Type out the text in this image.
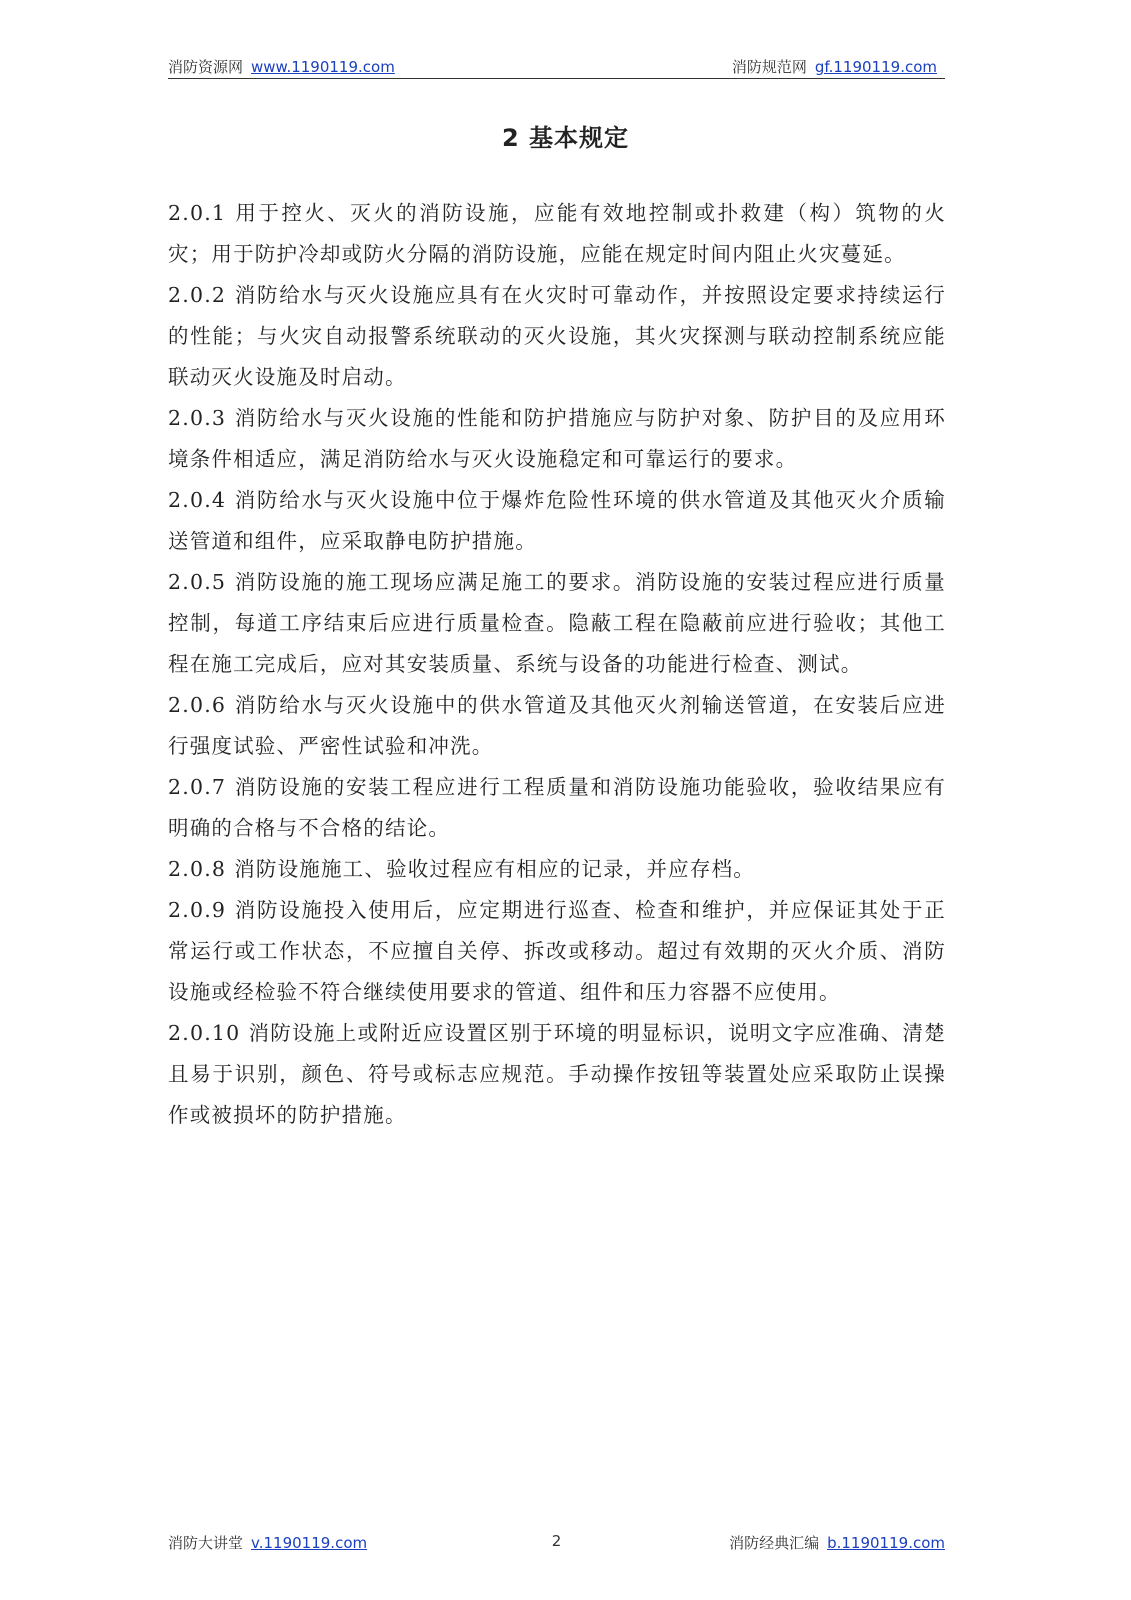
消防资源网 www.1190119.com	消防规范网 gf.1190119.com
2 基本规定

2.0.1 用于控火、灭火的消防设施，应能有效地控制或扑救建（构）筑物的火灾；用于防护冷却或防火分隔的消防设施，应能在规定时间内阻止火灾蔓延。

2.0.2 消防给水与灭火设施应具有在火灾时可靠动作，并按照设定要求持续运行的性能；与火灾自动报警系统联动的灭火设施，其火灾探测与联动控制系统应能联动灭火设施及时启动。

2.0.3 消防给水与灭火设施的性能和防护措施应与防护对象、防护目的及应用环境条件相适应，满足消防给水与灭火设施稳定和可靠运行的要求。

2.0.4 消防给水与灭火设施中位于爆炸危险性环境的供水管道及其他灭火介质输送管道和组件，应采取静电防护措施。

2.0.5 消防设施的施工现场应满足施工的要求。消防设施的安装过程应进行质量控制，每道工序结束后应进行质量检查。隐蔽工程在隐蔽前应进行验收；其他工程在施工完成后，应对其安装质量、系统与设备的功能进行检查、测试。

2.0.6 消防给水与灭火设施中的供水管道及其他灭火剂输送管道，在安装后应进行强度试验、严密性试验和冲洗。

2.0.7 消防设施的安装工程应进行工程质量和消防设施功能验收，验收结果应有明确的合格与不合格的结论。

2.0.8 消防设施施工、验收过程应有相应的记录，并应存档。

2.0.9 消防设施投入使用后，应定期进行巡查、检查和维护，并应保证其处于正常运行或工作状态，不应擅自关停、拆改或移动。超过有效期的灭火介质、消防设施或经检验不符合继续使用要求的管道、组件和压力容器不应使用。

2.0.10 消防设施上或附近应设置区别于环境的明显标识，说明文字应准确、清楚且易于识别，颜色、符号或标志应规范。手动操作按钮等装置处应采取防止误操作或被损坏的防护措施。

消防大讲堂 v.1190119.com	2	消防经典汇编 b.1190119.com
